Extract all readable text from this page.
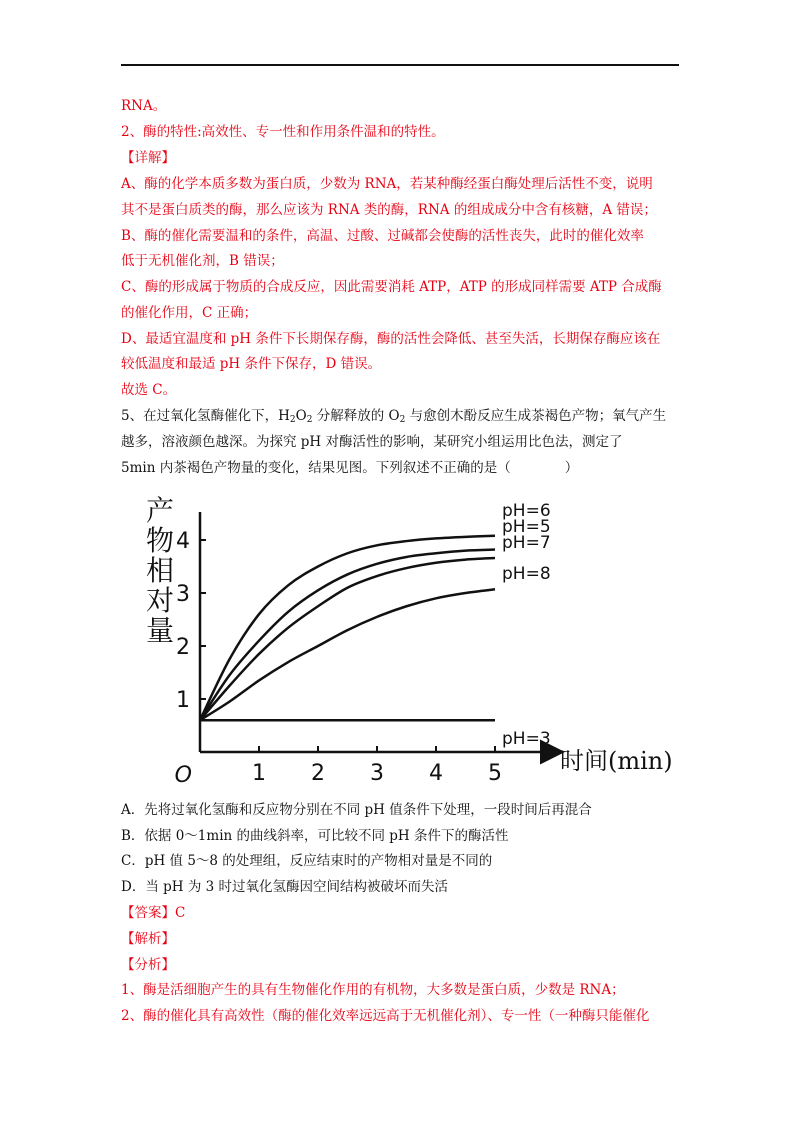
RNA。
2、酶的特性:高效性、专一性和作用条件温和的特性。
【详解】
A、酶的化学本质多数为蛋白质，少数为 RNA，若某种酶经蛋白酶处理后活性不变，说明
其不是蛋白质类的酶，那么应该为 RNA 类的酶，RNA 的组成成分中含有核糖，A 错误；
B、酶的催化需要温和的条件，高温、过酸、过碱都会使酶的活性丧失，此时的催化效率
低于无机催化剂，B 错误；
C、酶的形成属于物质的合成反应，因此需要消耗 ATP，ATP 的形成同样需要 ATP 合成酶
的催化作用，C 正确；
D、最适宜温度和 pH 条件下长期保存酶，酶的活性会降低、甚至失活，长期保存酶应该在
较低温度和最适 pH 条件下保存，D 错误。
故选 C。
5、在过氧化氢酶催化下，$H_2O_2$ 分解释放的 $O_2$ 与愈创木酚反应生成茶褐色产物；氧气产生
越多，溶液颜色越深。为探究 pH 对酶活性的影响，某研究小组运用比色法，测定了
5min 内茶褐色产物量的变化，结果见图。下列叙述不正确的是（　　　　）
1 2 3 4 5
1
2
3
4
O
产
物
相
对
量
时间(min)
pH=6
pH=5
pH=7
pH=8
pH=3
A．先将过氧化氢酶和反应物分别在不同 pH 值条件下处理，一段时间后再混合
B．依据 0～1min 的曲线斜率，可比较不同 pH 条件下的酶活性
C．pH 值 5～8 的处理组，反应结束时的产物相对量是不同的
D．当 pH 为 3 时过氧化氢酶因空间结构被破坏而失活
【答案】C
【解析】
【分析】
1、酶是活细胞产生的具有生物催化作用的有机物，大多数是蛋白质，少数是 RNA；
2、酶的催化具有高效性（酶的催化效率远远高于无机催化剂）、专一性（一种酶只能催化
